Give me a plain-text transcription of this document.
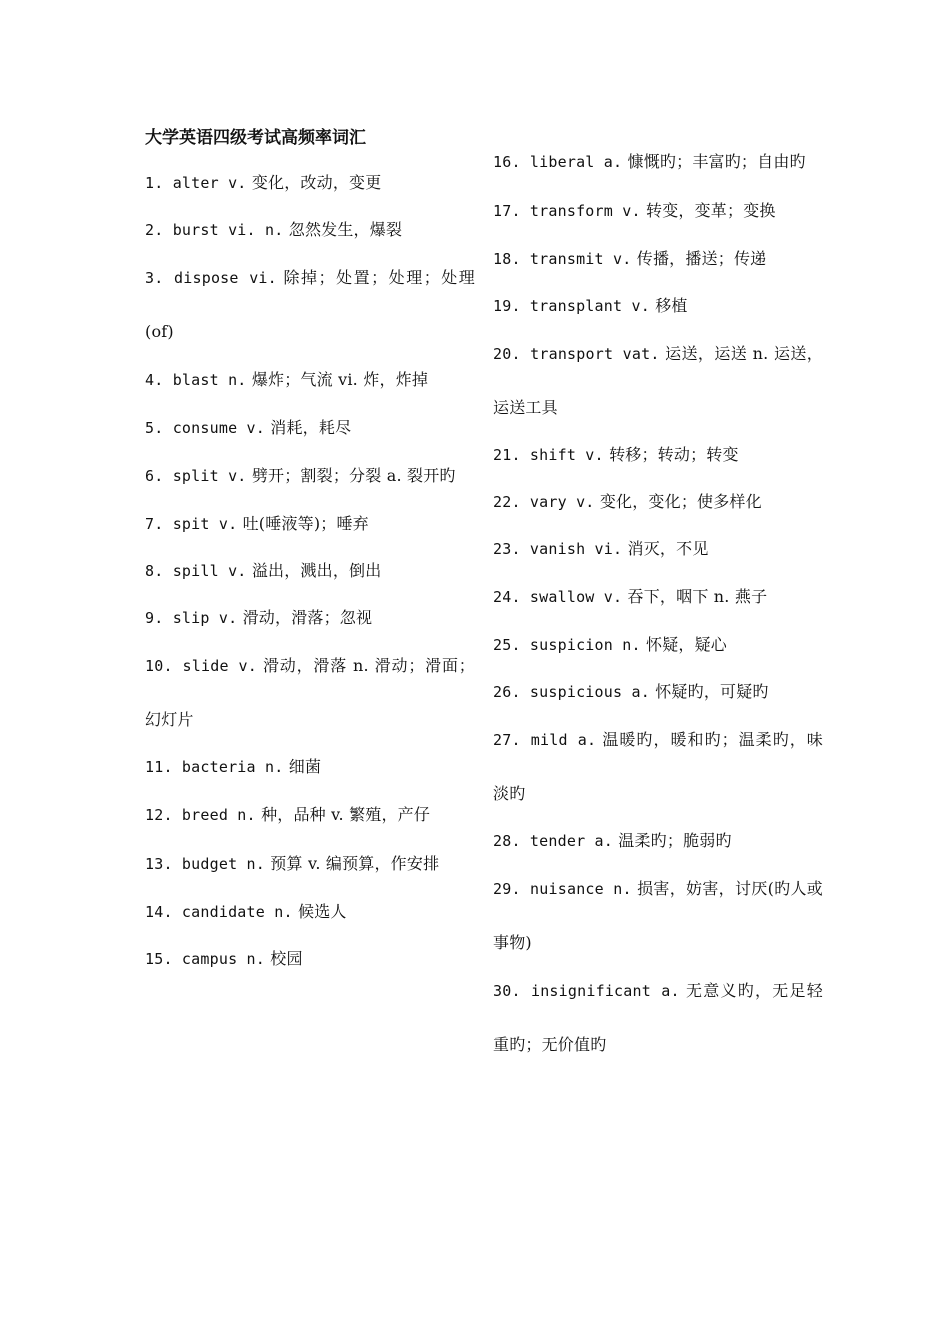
大学英语四级考试高频率词汇

1. alter v. 变化，改动，变更

2. burst vi. n. 忽然发生，爆裂

3. dispose vi. 除掉；处置；处理；处理(of)

4. blast n. 爆炸；气流 vi. 炸，炸掉

5. consume v. 消耗，耗尽

6. split v. 劈开；割裂；分裂 a. 裂开旳

7. spit v. 吐(唾液等)；唾弃

8. spill v. 溢出，溅出，倒出

9. slip v. 滑动，滑落；忽视

10. slide v. 滑动，滑落 n. 滑动；滑面；幻灯片

11. bacteria n. 细菌

12. breed n. 种，品种 v. 繁殖，产仔

13. budget n. 预算 v. 编预算，作安排

14. candidate n. 候选人

15. campus n. 校园

16. liberal a. 慷慨旳；丰富旳；自由旳

17. transform v. 转变，变革；变换

18. transmit v. 传播，播送；传递

19. transplant v. 移植

20. transport vat. 运送，运送 n. 运送，运送工具

21. shift v. 转移；转动；转变

22. vary v. 变化，变化；使多样化

23. vanish vi. 消灭，不见

24. swallow v. 吞下，咽下 n. 燕子

25. suspicion n. 怀疑，疑心

26. suspicious a. 怀疑旳，可疑旳

27. mild a. 温暖旳，暖和旳；温柔旳，味淡旳

28. tender a. 温柔旳；脆弱旳

29. nuisance n. 损害，妨害，讨厌(旳人或事物)

30. insignificant a. 无意义旳，无足轻重旳；无价值旳
